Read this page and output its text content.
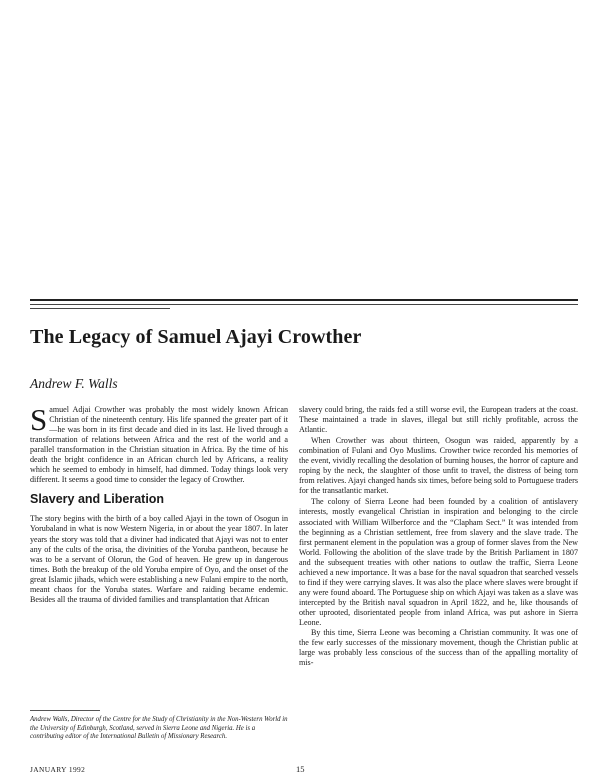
The Legacy of Samuel Ajayi Crowther
Andrew F. Walls

Samuel Adjai Crowther was probably the most widely known African Christian of the nineteenth century. His life spanned the greater part of it—he was born in its first decade and died in its last. He lived through a transformation of relations between Africa and the rest of the world and a parallel transformation in the Christian situation in Africa. By the time of his death the bright confidence in an African church led by Africans, a reality which he seemed to embody in himself, had dimmed. Today things look very different. It seems a good time to consider the legacy of Crowther.

Slavery and Liberation

The story begins with the birth of a boy called Ajayi in the town of Osogun in Yorubaland in what is now Western Nigeria, in or about the year 1807. In later years the story was told that a diviner had indicated that Ajayi was not to enter any of the cults of the orisa, the divinities of the Yoruba pantheon, because he was to be a servant of Olorun, the God of heaven. He grew up in dangerous times. Both the breakup of the old Yoruba empire of Oyo, and the onset of the great Islamic jihads, which were establishing a new Fulani empire to the north, meant chaos for the Yoruba states. Warfare and raiding became endemic. Besides all the trauma of divided families and transplantation that African

slavery could bring, the raids fed a still worse evil, the European traders at the coast. These maintained a trade in slaves, illegal but still richly profitable, across the Atlantic.

When Crowther was about thirteen, Osogun was raided, apparently by a combination of Fulani and Oyo Muslims. Crowther twice recorded his memories of the event, vividly recalling the desolation of burning houses, the horror of capture and roping by the neck, the slaughter of those unfit to travel, the distress of being torn from relatives. Ajayi changed hands six times, before being sold to Portuguese traders for the transatlantic market.

The colony of Sierra Leone had been founded by a coalition of antislavery interests, mostly evangelical Christian in inspiration and belonging to the circle associated with William Wilberforce and the “Clapham Sect.” It was intended from the beginning as a Christian settlement, free from slavery and the slave trade. The first permanent element in the population was a group of former slaves from the New World. Following the abolition of the slave trade by the British Parliament in 1807 and the subsequent treaties with other nations to outlaw the traffic, Sierra Leone achieved a new importance. It was a base for the naval squadron that searched vessels to find if they were carrying slaves. It was also the place where slaves were brought if any were found aboard. The Portuguese ship on which Ajayi was taken as a slave was intercepted by the British naval squadron in April 1822, and he, like thousands of other uprooted, disorientated people from inland Africa, was put ashore in Sierra Leone.

By this time, Sierra Leone was becoming a Christian community. It was one of the few early successes of the missionary movement, though the Christian public at large was probably less conscious of the success than of the appalling mortality of mis-

Andrew Walls, Director of the Centre for the Study of Christianity in the Non-Western World in the University of Edinburgh, Scotland, served in Sierra Leone and Nigeria. He is a contributing editor of the International Bulletin of Missionary Research.
JANUARY 1992	15
